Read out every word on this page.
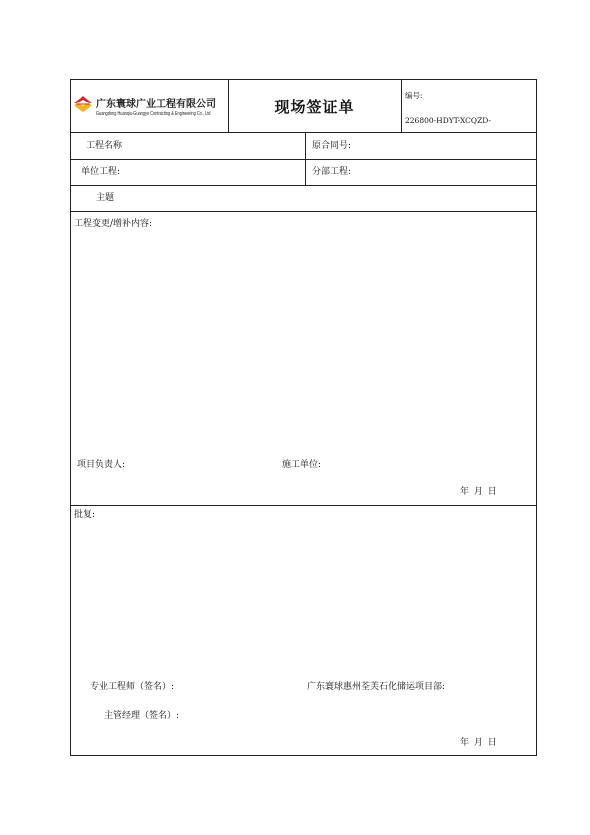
广东寰球广业工程有限公司
Guangdong Huanqiu-Guangye Contracting & Engineering Co., Ltd	现场签证单
编号:
226800-HDYT-XCQZD-
工程名称	原合同号:
单位工程:	分部工程:
主题
工程变更/增补内容:
项目负责人:	施工单位:
年 月 日
批复:
专业工程师（签名）:	广东寰球惠州荃芙石化储运项目部:
主管经理（签名）:
年 月 日
